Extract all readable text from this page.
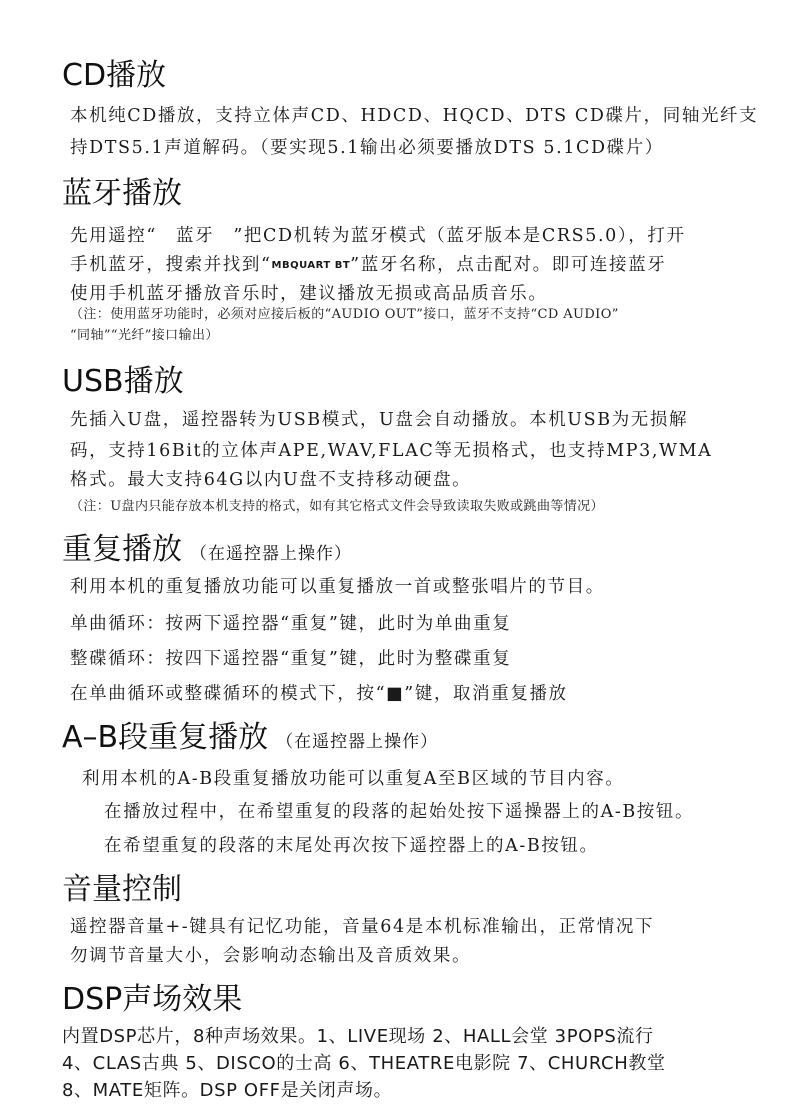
CD播放
本机纯CD播放，支持立体声CD、HDCD、HQCD、DTS CD碟片，同轴光纤支
持DTS5.1声道解码。（要实现5.1输出必须要播放DTS 5.1CD碟片）
蓝牙播放
先用遥控“　蓝牙　”把CD机转为蓝牙模式（蓝牙版本是CRS5.0），打开
手机蓝牙，搜索并找到“MBQUART BT”蓝牙名称，点击配对。即可连接蓝牙
使用手机蓝牙播放音乐时，建议播放无损或高品质音乐。
（注：使用蓝牙功能时，必须对应接后板的“AUDIO OUT”接口，蓝牙不支持“CD AUDIO”
“同轴”“光纤”接口输出）
USB播放
先插入U盘，遥控器转为USB模式，U盘会自动播放。本机USB为无损解
码，支持16Bit的立体声APE,WAV,FLAC等无损格式，也支持MP3,WMA
格式。最大支持64G以内U盘不支持移动硬盘。
（注：U盘内只能存放本机支持的格式，如有其它格式文件会导致读取失败或跳曲等情况）
重复播放 （在遥控器上操作）
利用本机的重复播放功能可以重复播放一首或整张唱片的节目。
单曲循环：按两下遥控器“重复”键，此时为单曲重复
整碟循环：按四下遥控器“重复”键，此时为整碟重复
在单曲循环或整碟循环的模式下，按“■”键，取消重复播放
A–B段重复播放 （在遥控器上操作）
利用本机的A-B段重复播放功能可以重复A至B区域的节目内容。
在播放过程中，在希望重复的段落的起始处按下遥操器上的A-B按钮。
在希望重复的段落的末尾处再次按下遥控器上的A-B按钮。
音量控制
遥控器音量+-键具有记忆功能，音量64是本机标准输出，正常情况下
勿调节音量大小，会影响动态输出及音质效果。
DSP声场效果
内置DSP芯片，8种声场效果。1、LIVE现场 2、HALL会堂 3POPS流行
4、CLAS古典 5、DISCO的士高 6、THEATRE电影院 7、CHURCH教堂
8、MATE矩阵。DSP OFF是关闭声场。
